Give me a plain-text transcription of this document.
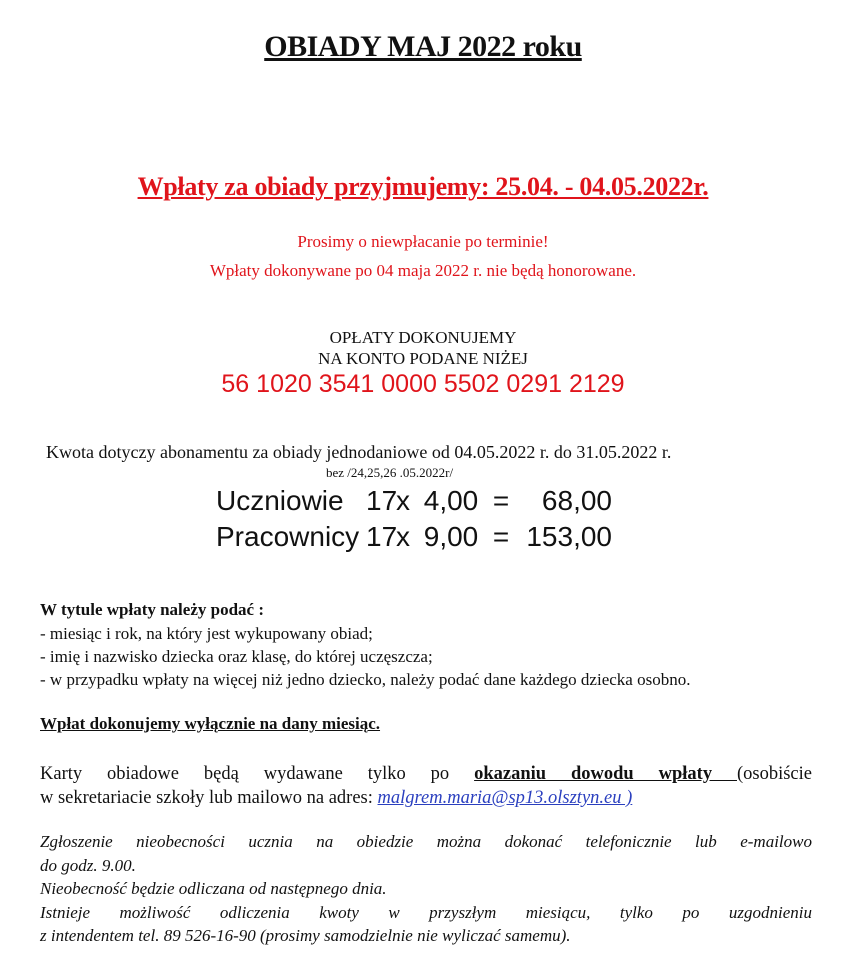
OBIADY MAJ 2022 roku
Wpłaty za obiady przyjmujemy: 25.04. - 04.05.2022r.
Prosimy o niewpłacanie po terminie!
Wpłaty dokonywane po 04 maja 2022 r. nie będą honorowane.
OPŁATY DOKONUJEMY
NA KONTO PODANE NIŻEJ
56 1020 3541 0000 5502 0291 2129
Kwota dotyczy abonamentu za obiady jednodaniowe od 04.05.2022 r. do 31.05.2022 r.
bez /24,25,26 .05.2022r/
Uczniowie 17x 4,00 = 68,00
Pracownicy 17x 9,00 = 153,00
W tytule wpłaty należy podać :
- miesiąc i rok, na który jest wykupowany obiad;
- imię i nazwisko dziecka oraz klasę, do której uczęszcza;
- w przypadku wpłaty na więcej niż jedno dziecko, należy podać dane każdego dziecka osobno.
Wpłat dokonujemy wyłącznie na dany miesiąc.
Karty obiadowe będą wydawane tylko po okazaniu dowodu wpłaty (osobiście
w sekretariacie szkoły lub mailowo na adres: malgrem.maria@sp13.olsztyn.eu )
Zgłoszenie nieobecności ucznia na obiedzie można dokonać telefonicznie lub e-mailowo
do godz. 9.00.
Nieobecność będzie odliczana od następnego dnia.
Istnieje możliwość odliczenia kwoty w przyszłym miesiącu, tylko po uzgodnieniu
z intendentem tel. 89 526-16-90 (prosimy samodzielnie nie wyliczać samemu).
